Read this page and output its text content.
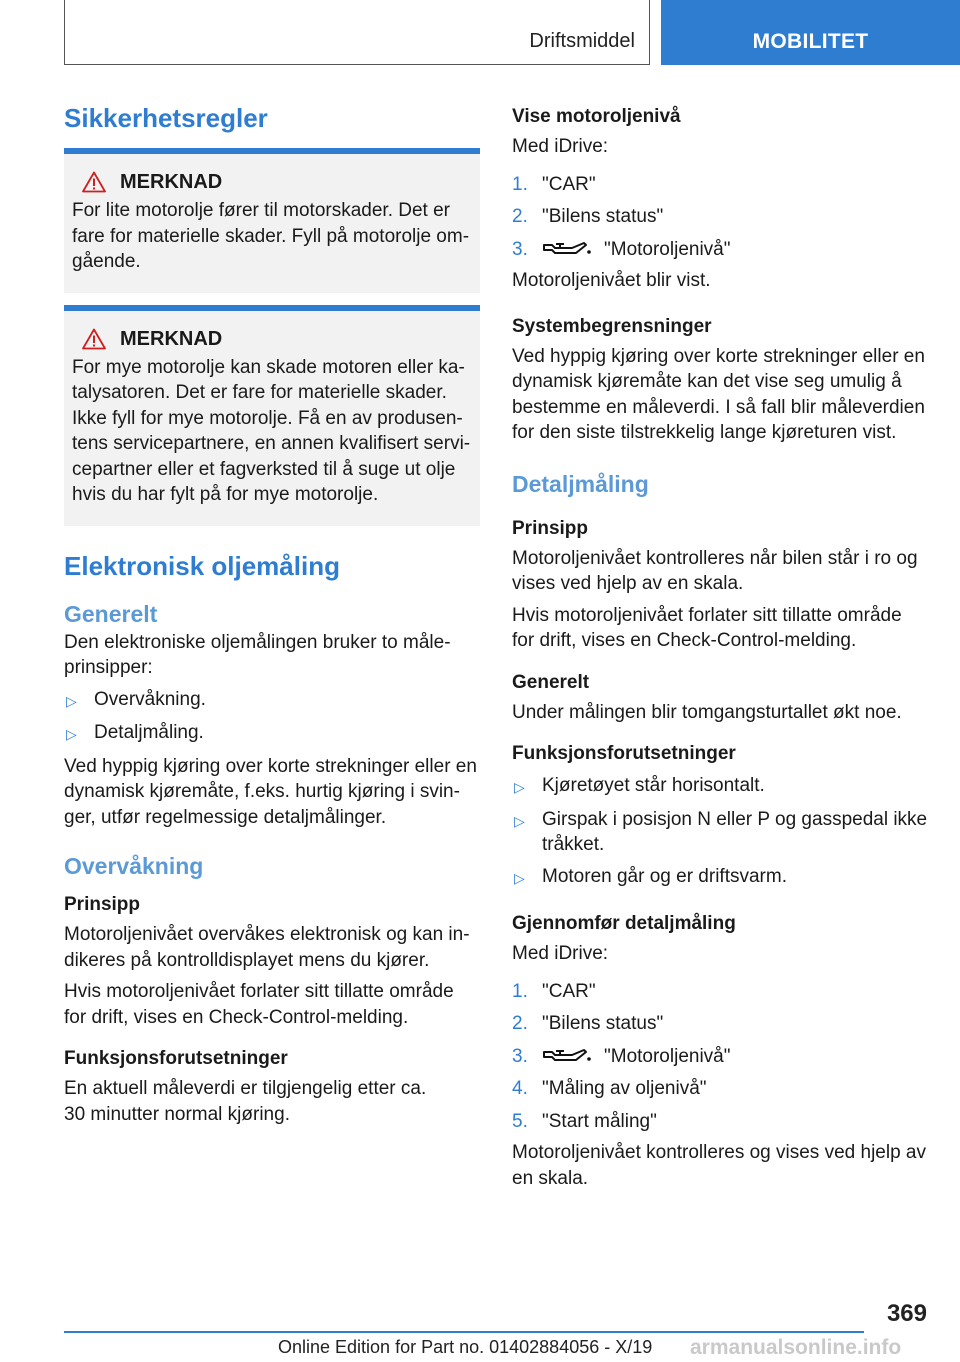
Driftsmiddel	MOBILITET
Sikkerhetsregler
MERKNAD
For lite motorolje fører til motorskader. Det er fare for materielle skader. Fyll på motorolje om-gående.
MERKNAD
For mye motorolje kan skade motoren eller ka-talysatoren. Det er fare for materielle skader. Ikke fyll for mye motorolje. Få en av produsen-tens servicepartnere, en annen kvalifisert servi-cepartner eller et fagverksted til å suge ut olje hvis du har fylt på for mye motorolje.
Elektronisk oljemåling
Generelt
Den elektroniske oljemålingen bruker to måle-prinsipper:
▷ Overvåkning.
▷ Detaljmåling.
Ved hyppig kjøring over korte strekninger eller en dynamisk kjøremåte, f.eks. hurtig kjøring i svin-ger, utfør regelmessige detaljmålinger.
Overvåkning
Prinsipp
Motoroljenivået overvåkes elektronisk og kan in-dikeres på kontrolldisplayet mens du kjører.
Hvis motoroljenivået forlater sitt tillatte område for drift, vises en Check-Control-melding.
Funksjonsforutsetninger
En aktuell måleverdi er tilgjengelig etter ca.
30 minutter normal kjøring.
Vise motoroljenivå
Med iDrive:
1. "CAR"
2. "Bilens status"
3.	"Motoroljenivå"
Motoroljenivået blir vist.
Systembegrensninger
Ved hyppig kjøring over korte strekninger eller en dynamisk kjøremåte kan det vise seg umulig å bestemme en måleverdi. I så fall blir måleverdien for den siste tilstrekkelig lange kjøreturen vist.
Detaljmåling
Prinsipp
Motoroljenivået kontrolleres når bilen står i ro og vises ved hjelp av en skala.
Hvis motoroljenivået forlater sitt tillatte område for drift, vises en Check-Control-melding.
Generelt
Under målingen blir tomgangsturtallet økt noe.
Funksjonsforutsetninger
▷ Kjøretøyet står horisontalt.
▷ Girspak i posisjon N eller P og gasspedal ikke tråkket.
▷ Motoren går og er driftsvarm.
Gjennomfør detaljmåling
Med iDrive:
1. "CAR"
2. "Bilens status"
3.	"Motoroljenivå"
4. "Måling av oljenivå"
5. "Start måling"
Motoroljenivået kontrolleres og vises ved hjelp av en skala.
369
Online Edition for Part no. 01402884056 - X/19 armanualsonline.info
